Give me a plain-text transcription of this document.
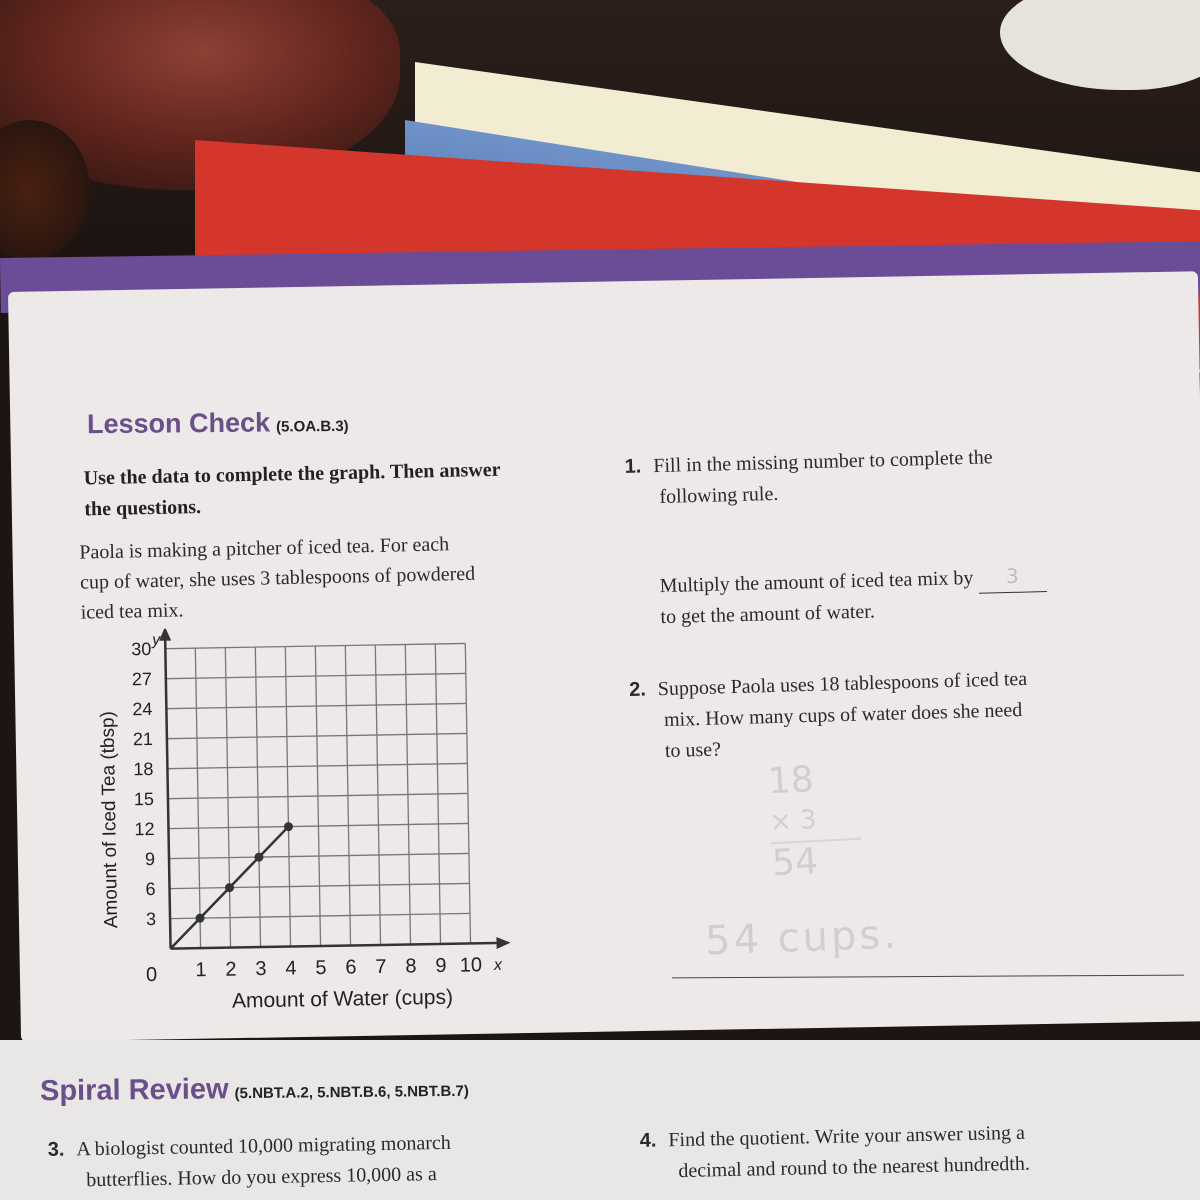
Lesson Check (5.OA.B.3)
Use the data to complete the graph. Then answer
the questions.
Paola is making a pitcher of iced tea. For each
cup of water, she uses 3 tablespoons of powdered
iced tea mix.
1 2 3 4 5 6 7 8 9 10
3
6
9
12
15
18
21
24
27
30
Amount of Water (cups)
Amount of Iced Tea (tbsp)
y
x
0
1. Fill in the missing number to complete the
following rule.
Multiply the amount of iced tea mix by 3
to get the amount of water.
2. Suppose Paola uses 18 tablespoons of iced tea
mix. How many cups of water does she need
to use?
18
× 3
54
54 cups.
Spiral Review (5.NBT.A.2, 5.NBT.B.6, 5.NBT.B.7)
3. A biologist counted 10,000 migrating monarch
butterflies. How do you express 10,000 as a
4. Find the quotient. Write your answer using a
decimal and round to the nearest hundredth.
